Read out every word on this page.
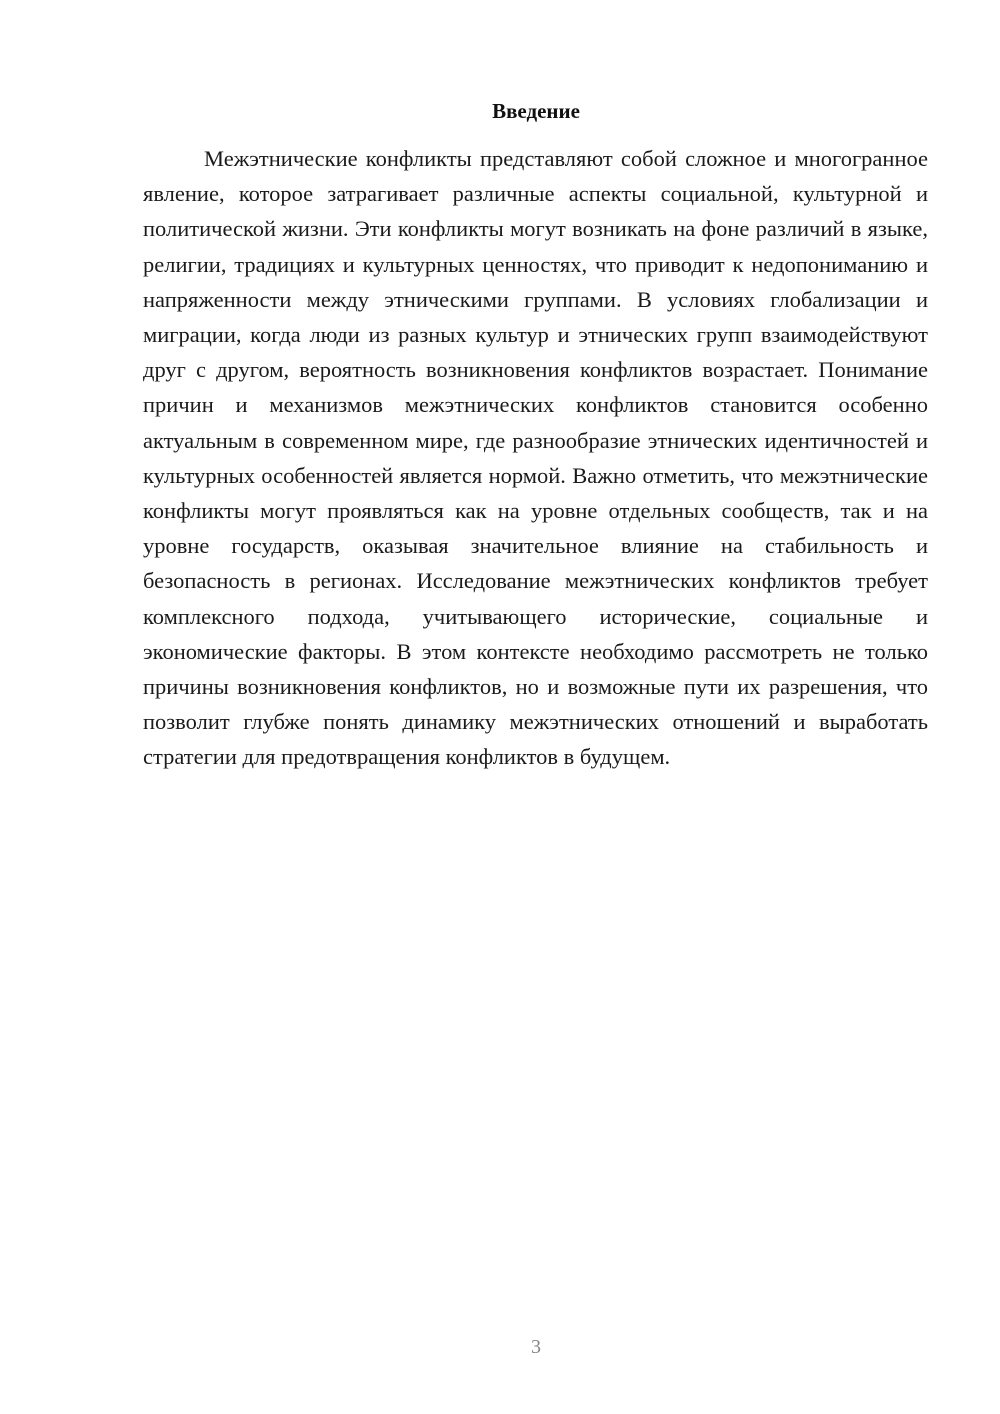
Введение

Межэтнические конфликты представляют собой сложное и многогранное явление, которое затрагивает различные аспекты социальной, культурной и политической жизни. Эти конфликты могут возникать на фоне различий в языке, религии, традициях и культурных ценностях, что приводит к недопониманию и напряженности между этническими группами. В условиях глобализации и миграции, когда люди из разных культур и этнических групп взаимодействуют друг с другом, вероятность возникновения конфликтов возрастает. Понимание причин и механизмов межэтнических конфликтов становится особенно актуальным в современном мире, где разнообразие этнических идентичностей и культурных особенностей является нормой. Важно отметить, что межэтнические конфликты могут проявляться как на уровне отдельных сообществ, так и на уровне государств, оказывая значительное влияние на стабильность и безопасность в регионах. Исследование межэтнических конфликтов требует комплексного подхода, учитывающего исторические, социальные и экономические факторы. В этом контексте необходимо рассмотреть не только причины возникновения конфликтов, но и возможные пути их разрешения, что позволит глубже понять динамику межэтнических отношений и выработать стратегии для предотвращения конфликтов в будущем.

3
